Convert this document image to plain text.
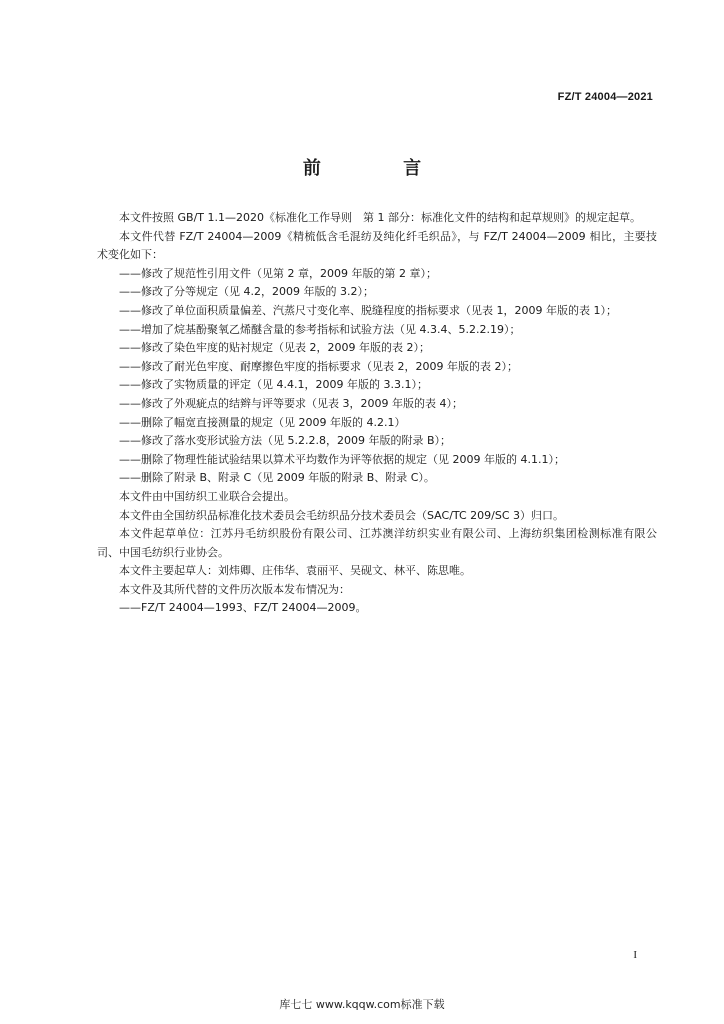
FZ/T 24004—2021
前 言

本文件按照 GB/T 1.1—2020《标准化工作导则　第 1 部分：标准化文件的结构和起草规则》的规定起草。

本文件代替 FZ/T 24004—2009《精梳低含毛混纺及纯化纤毛织品》，与 FZ/T 24004—2009 相比，主要技术变化如下：

——修改了规范性引用文件（见第 2 章，2009 年版的第 2 章）；
——修改了分等规定（见 4.2，2009 年版的 3.2）；
——修改了单位面积质量偏差、汽蒸尺寸变化率、脱缝程度的指标要求（见表 1，2009 年版的表 1）；
——增加了烷基酚聚氧乙烯醚含量的参考指标和试验方法（见 4.3.4、5.2.2.19）；
——修改了染色牢度的贴衬规定（见表 2，2009 年版的表 2）；
——修改了耐光色牢度、耐摩擦色牢度的指标要求（见表 2，2009 年版的表 2）；
——修改了实物质量的评定（见 4.4.1，2009 年版的 3.3.1）；
——修改了外观疵点的结辫与评等要求（见表 3，2009 年版的表 4）；
——删除了幅宽直接测量的规定（见 2009 年版的 4.2.1）
——修改了落水变形试验方法（见 5.2.2.8，2009 年版的附录 B）；
——删除了物理性能试验结果以算术平均数作为评等依据的规定（见 2009 年版的 4.1.1）；
——删除了附录 B、附录 C（见 2009 年版的附录 B、附录 C）。

本文件由中国纺织工业联合会提出。

本文件由全国纺织品标准化技术委员会毛纺织品分技术委员会（SAC/TC 209/SC 3）归口。

本文件起草单位：江苏丹毛纺织股份有限公司、江苏澳洋纺织实业有限公司、上海纺织集团检测标准有限公司、中国毛纺织行业协会。

本文件主要起草人：刘炜卿、庄伟华、袁丽平、吴砚文、林平、陈思唯。

本文件及其所代替的文件历次版本发布情况为：

——FZ/T 24004—1993、FZ/T 24004—2009。
I
库七七 www.kqqw.com标准下载
